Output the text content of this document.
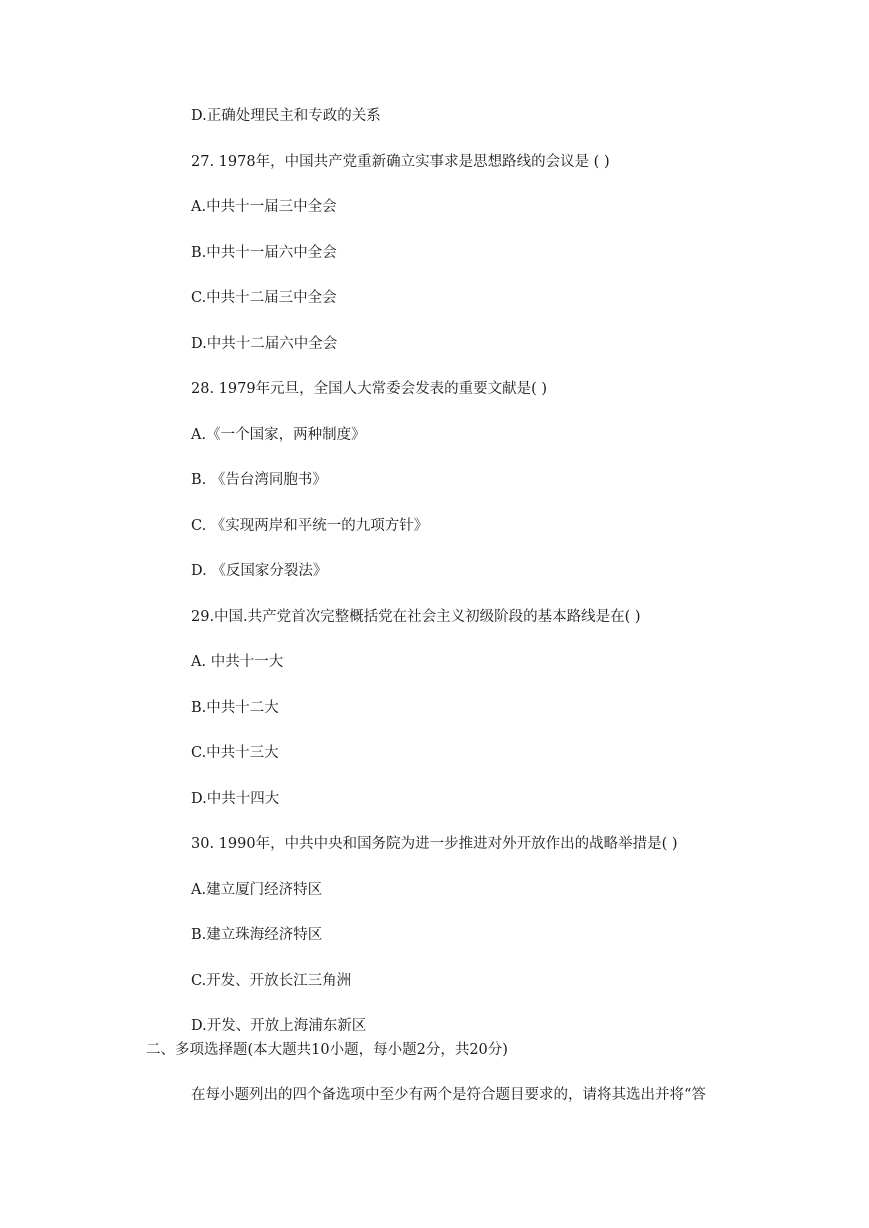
D.正确处理民主和专政的关系
27. 1978年，中国共产党重新确立实事求是思想路线的会议是 ( )
A.中共十一届三中全会
B.中共十一届六中全会
C.中共十二届三中全会
D.中共十二届六中全会
28. 1979年元旦，全国人大常委会发表的重要文献是( )
A.《一个国家，两种制度》
B. 《告台湾同胞书》
C. 《实现两岸和平统一的九项方针》
D. 《反国家分裂法》
29.中国.共产党首次完整概括党在社会主义初级阶段的基本路线是在( )
A. 中共十一大
B.中共十二大
C.中共十三大
D.中共十四大
30. 1990年，中共中央和国务院为进一步推进对外开放作出的战略举措是( )
A.建立厦门经济特区
B.建立珠海经济特区
C.开发、开放长江三角洲
D.开发、开放上海浦东新区
二、多项选择题(本大题共10小题，每小题2分，共20分)
在每小题列出的四个备选项中至少有两个是符合题目要求的，请将其选出并将“答
